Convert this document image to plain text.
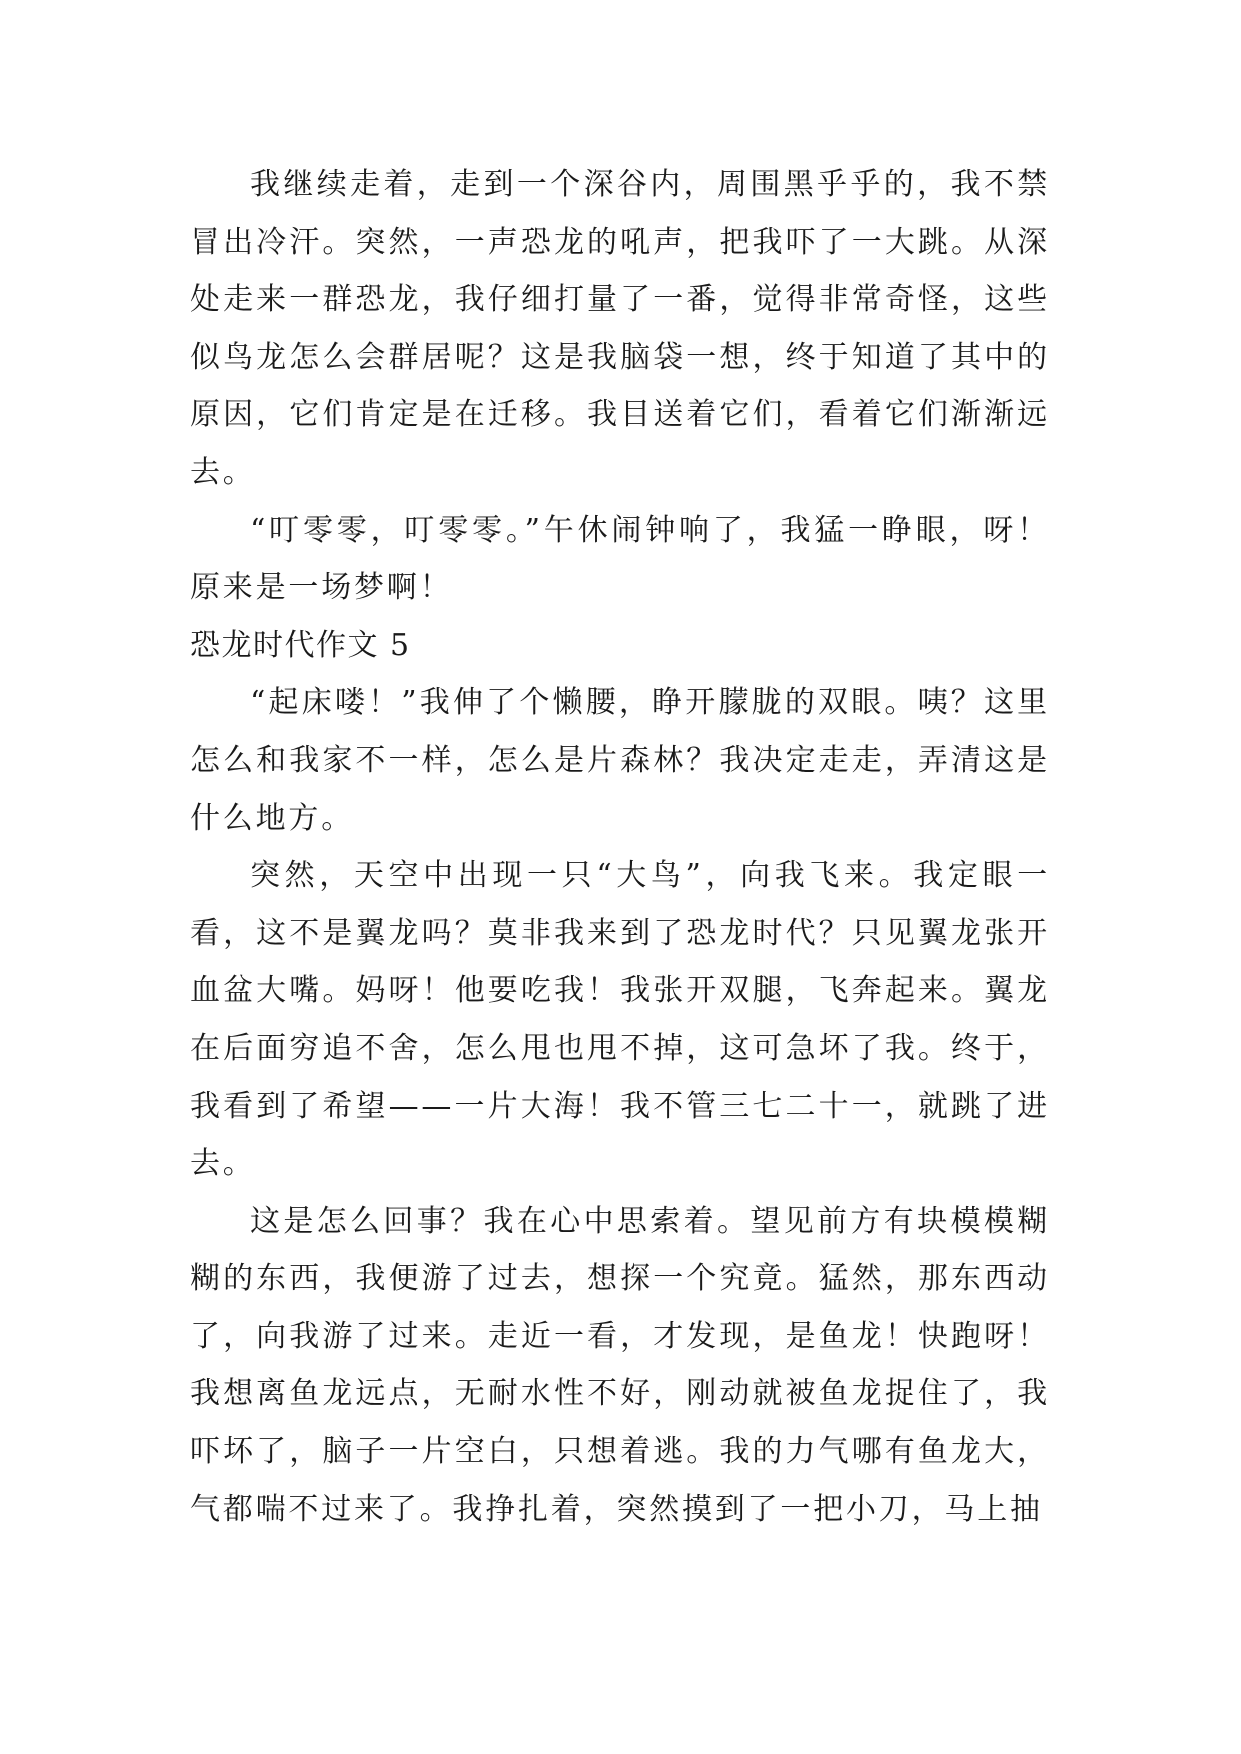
我继续走着，走到一个深谷内，周围黑乎乎的，我不禁冒出冷汗。突然，一声恐龙的吼声，把我吓了一大跳。从深处走来一群恐龙，我仔细打量了一番，觉得非常奇怪，这些似鸟龙怎么会群居呢？这是我脑袋一想，终于知道了其中的原因，它们肯定是在迁移。我目送着它们，看着它们渐渐远去。

“叮零零，叮零零。”午休闹钟响了，我猛一睁眼，呀！原来是一场梦啊！

恐龙时代作文 5

“起床喽！”我伸了个懒腰，睁开朦胧的双眼。咦？这里怎么和我家不一样，怎么是片森林？我决定走走，弄清这是什么地方。

突然，天空中出现一只“大鸟”，向我飞来。我定眼一看，这不是翼龙吗？莫非我来到了恐龙时代？只见翼龙张开血盆大嘴。妈呀！他要吃我！我张开双腿，飞奔起来。翼龙在后面穷追不舍，怎么甩也甩不掉，这可急坏了我。终于，我看到了希望——一片大海！我不管三七二十一，就跳了进去。

这是怎么回事？我在心中思索着。望见前方有块模模糊糊的东西，我便游了过去，想探一个究竟。猛然，那东西动了，向我游了过来。走近一看，才发现，是鱼龙！快跑呀！我想离鱼龙远点，无耐水性不好，刚动就被鱼龙捉住了，我吓坏了，脑子一片空白，只想着逃。我的力气哪有鱼龙大，气都喘不过来了。我挣扎着，突然摸到了一把小刀，马上抽
